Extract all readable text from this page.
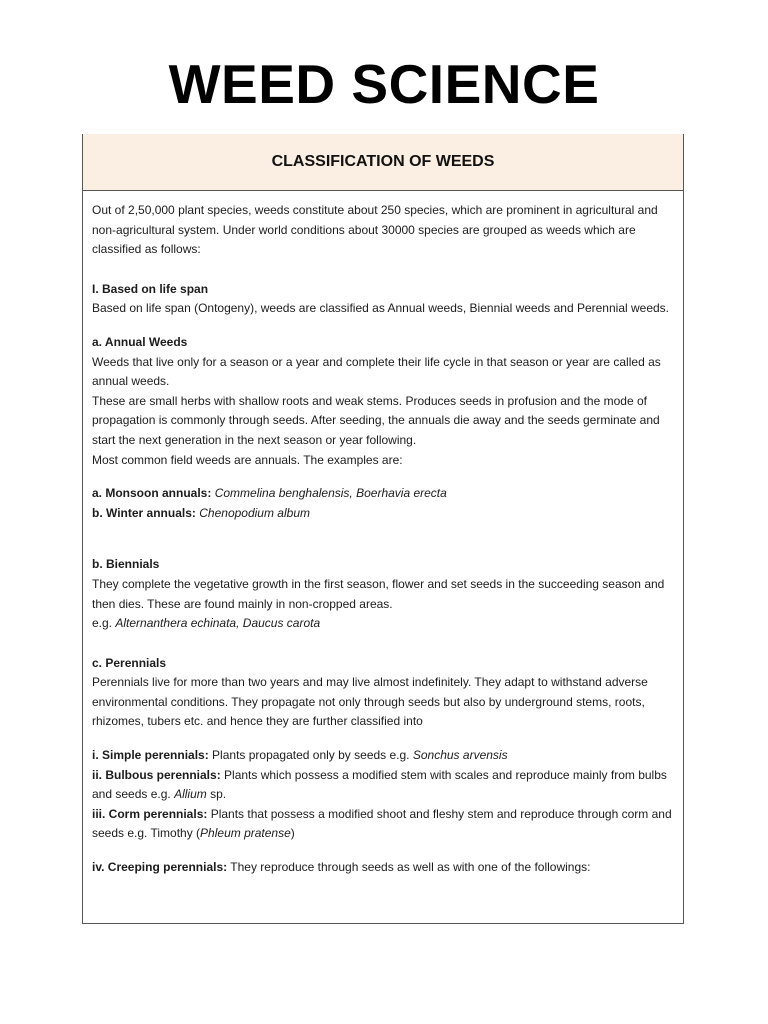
WEED SCIENCE
CLASSIFICATION OF WEEDS

Out of 2,50,000 plant species, weeds constitute about 250 species, which are prominent in agricultural and non-agricultural system. Under world conditions about 30000 species are grouped as weeds which are classified as follows:

I. Based on life span

Based on life span (Ontogeny), weeds are classified as Annual weeds, Biennial weeds and Perennial weeds.

a. Annual Weeds

Weeds that live only for a season or a year and complete their life cycle in that season or year are called as annual weeds.

These are small herbs with shallow roots and weak stems. Produces seeds in profusion and the mode of propagation is commonly through seeds. After seeding, the annuals die away and the seeds germinate and start the next generation in the next season or year following.

Most common field weeds are annuals. The examples are:

a. Monsoon annuals: Commelina benghalensis, Boerhavia erecta

b. Winter annuals: Chenopodium album

b. Biennials

They complete the vegetative growth in the first season, flower and set seeds in the succeeding season and then dies. These are found mainly in non-cropped areas.

e.g. Alternanthera echinata, Daucus carota

c. Perennials

Perennials live for more than two years and may live almost indefinitely. They adapt to withstand adverse environmental conditions. They propagate not only through seeds but also by underground stems, roots, rhizomes, tubers etc. and hence they are further classified into

i. Simple perennials: Plants propagated only by seeds e.g. Sonchus arvensis

ii. Bulbous perennials: Plants which possess a modified stem with scales and reproduce mainly from bulbs and seeds e.g. Allium sp.

iii. Corm perennials: Plants that possess a modified shoot and fleshy stem and reproduce through corm and seeds e.g. Timothy (Phleum pratense)

iv. Creeping perennials: They reproduce through seeds as well as with one of the followings:
